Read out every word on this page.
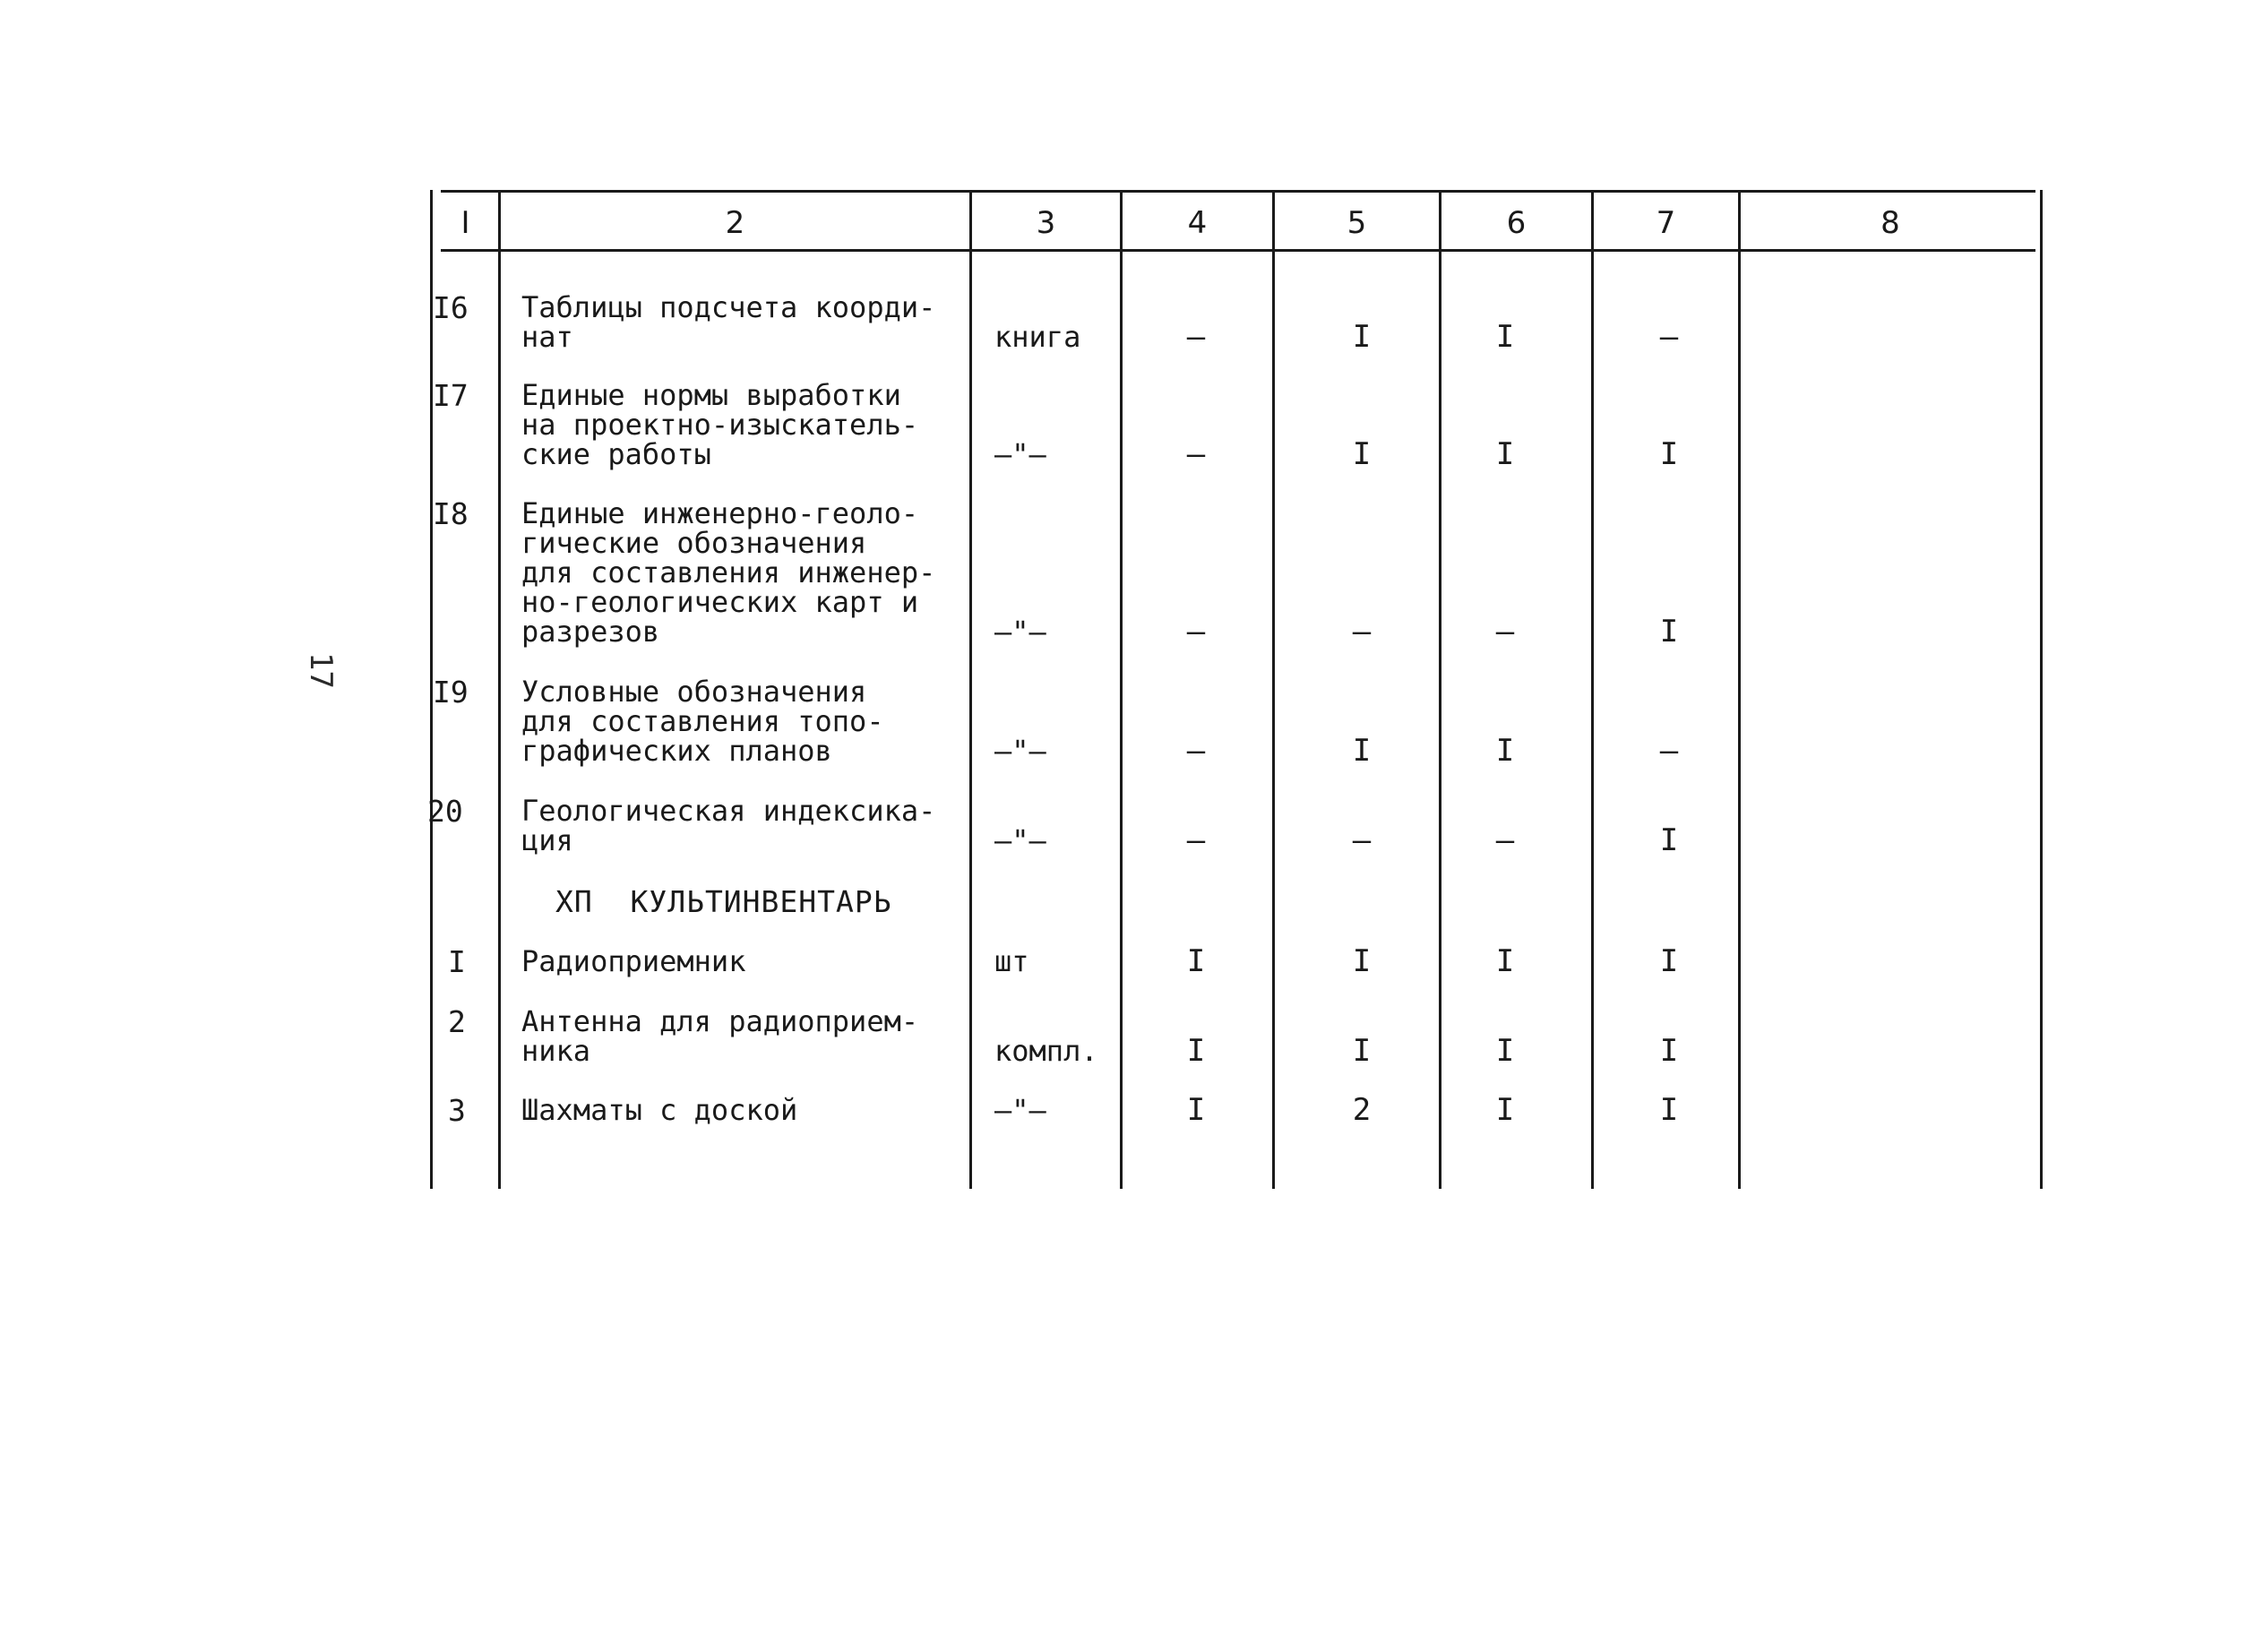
17
I	2	3	4	5	6	7	8
I6 Таблицы подсчета коорди-
нат	книга	–	I	I	–
I7 Единые нормы выработки
на проектно-изыскатель-
ские работы	–"–	–	I	I	I
I8 Единые инженерно-геоло-
гические обозначения
для составления инженер-
но-геологических карт и
разрезов	–"–	–	–	–	I
I9 Условные обозначения
для составления топо-
графических планов	–"–	–	I	I	–
20 Геологическая индексика-
ция	–"–	–	–	–	I
ХП  КУЛЬТИНВЕНТАРЬ
I Радиоприемник	шт	I	I	I	I
2 Антенна для радиоприем-
ника	компл.	I	I	I	I
3 Шахматы с доской	–"–	I	2	I	I
